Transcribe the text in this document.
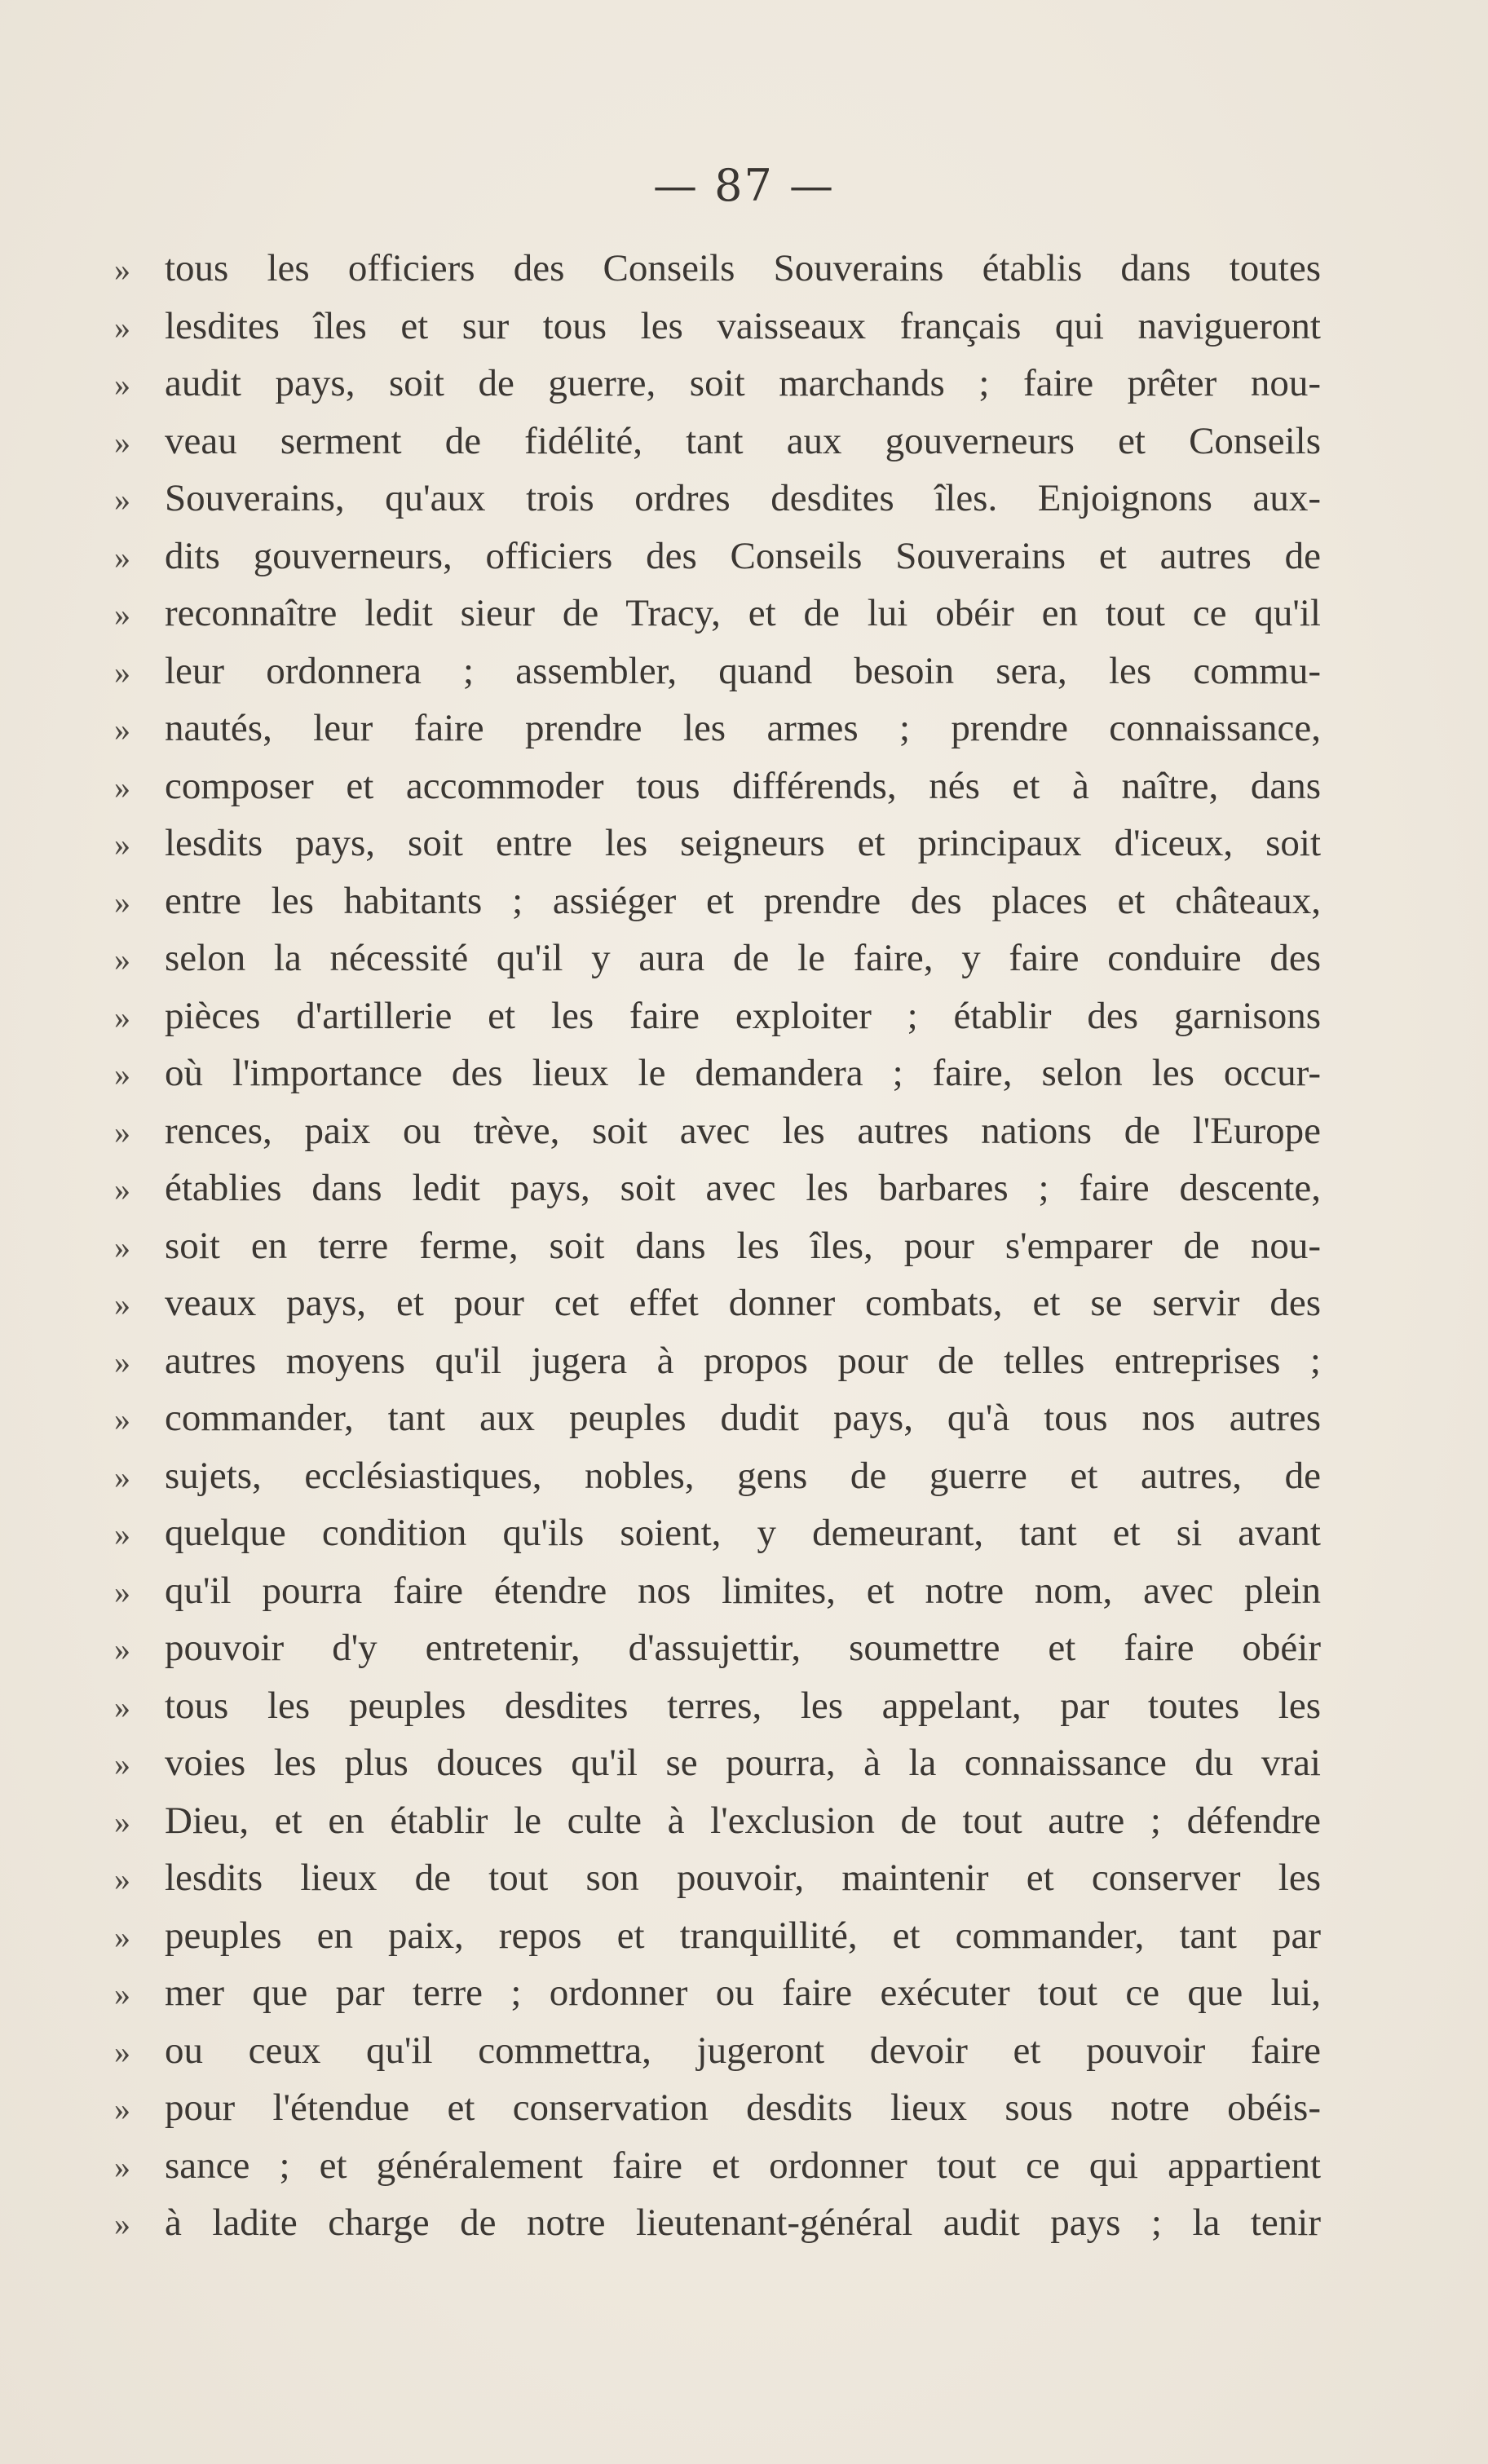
— 87 —
» tous les officiers des Conseils Souverains établis dans toutes
» lesdites îles et sur tous les vaisseaux français qui navigueront
» audit pays, soit de guerre, soit marchands ; faire prêter nou-
» veau serment de fidélité, tant aux gouverneurs et Conseils
» Souverains, qu'aux trois ordres desdites îles. Enjoignons aux-
» dits gouverneurs, officiers des Conseils Souverains et autres de
» reconnaître ledit sieur de Tracy, et de lui obéir en tout ce qu'il
» leur ordonnera ; assembler, quand besoin sera, les commu-
» nautés, leur faire prendre les armes ; prendre connaissance,
» composer et accommoder tous différends, nés et à naître, dans
» lesdits pays, soit entre les seigneurs et principaux d'iceux, soit
» entre les habitants ; assiéger et prendre des places et châteaux,
» selon la nécessité qu'il y aura de le faire, y faire conduire des
» pièces d'artillerie et les faire exploiter ; établir des garnisons
» où l'importance des lieux le demandera ; faire, selon les occur-
» rences, paix ou trève, soit avec les autres nations de l'Europe
» établies dans ledit pays, soit avec les barbares ; faire descente,
» soit en terre ferme, soit dans les îles, pour s'emparer de nou-
» veaux pays, et pour cet effet donner combats, et se servir des
» autres moyens qu'il jugera à propos pour de telles entreprises ;
» commander, tant aux peuples dudit pays, qu'à tous nos autres
» sujets, ecclésiastiques, nobles, gens de guerre et autres, de
» quelque condition qu'ils soient, y demeurant, tant et si avant
» qu'il pourra faire étendre nos limites, et notre nom, avec plein
» pouvoir d'y entretenir, d'assujettir, soumettre et faire obéir
» tous les peuples desdites terres, les appelant, par toutes les
» voies les plus douces qu'il se pourra, à la connaissance du vrai
» Dieu, et en établir le culte à l'exclusion de tout autre ; défendre
» lesdits lieux de tout son pouvoir, maintenir et conserver les
» peuples en paix, repos et tranquillité, et commander, tant par
» mer que par terre ; ordonner ou faire exécuter tout ce que lui,
» ou ceux qu'il commettra, jugeront devoir et pouvoir faire
» pour l'étendue et conservation desdits lieux sous notre obéis-
» sance ; et généralement faire et ordonner tout ce qui appartient
» à ladite charge de notre lieutenant-général audit pays ; la tenir
